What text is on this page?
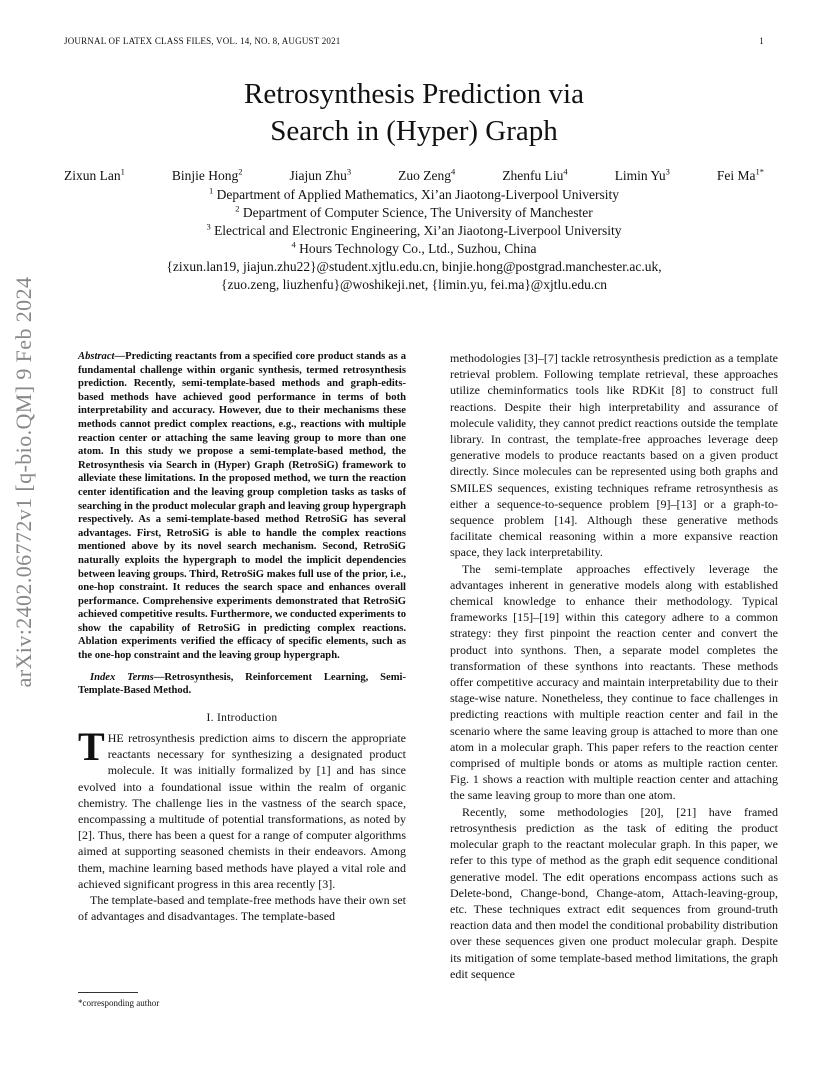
JOURNAL OF LATEX CLASS FILES, VOL. 14, NO. 8, AUGUST 2021	1
arXiv:2402.06772v1 [q-bio.QM] 9 Feb 2024
Retrosynthesis Prediction via
Search in (Hyper) Graph
Zixun Lan$^1$	Binjie Hong$^2$	Jiajun Zhu$^3$	Zuo Zeng$^4$	Zhenfu Liu$^4$	Limin Yu$^3$	Fei $Ma^{1*}$
$^1$ Department of Applied Mathematics, Xi’an Jiaotong-Liverpool University
$^2$ Department of Computer Science, The University of Manchester
$^3$ Electrical and Electronic Engineering, Xi’an Jiaotong-Liverpool University
$^4$ Hours Technology Co., Ltd., Suzhou, China
{zixun.lan19, jiajun.zhu22}@student.xjtlu.edu.cn, binjie.hong@postgrad.manchester.ac.uk,
{zuo.zeng, liuzhenfu}@woshikeji.net, {limin.yu, fei.ma}@xjtlu.edu.cn

Abstract—Predicting reactants from a specified core product stands as a fundamental challenge within organic synthesis, termed retrosynthesis prediction. Recently, semi-template-based methods and graph-edits-based methods have achieved good performance in terms of both interpretability and accuracy. However, due to their mechanisms these methods cannot predict complex reactions, e.g., reactions with multiple reaction center or attaching the same leaving group to more than one atom. In this study we propose a semi-template-based method, the Retrosynthesis via Search in (Hyper) Graph (RetroSiG) framework to alleviate these limitations. In the proposed method, we turn the reaction center identification and the leaving group completion tasks as tasks of searching in the product molecular graph and leaving group hypergraph respectively. As a semi-template-based method RetroSiG has several advantages. First, RetroSiG is able to handle the complex reactions mentioned above by its novel search mechanism. Second, RetroSiG naturally exploits the hypergraph to model the implicit dependencies between leaving groups. Third, RetroSiG makes full use of the prior, i.e., one-hop constraint. It reduces the search space and enhances overall performance. Comprehensive experiments demonstrated that RetroSiG achieved competitive results. Furthermore, we conducted experiments to show the capability of RetroSiG in predicting complex reactions. Ablation experiments verified the efficacy of specific elements, such as the one-hop constraint and the leaving group hypergraph.

Index Terms—Retrosynthesis, Reinforcement Learning, Semi-Template-Based Method.

I. Introduction

THE retrosynthesis prediction aims to discern the appropriate reactants necessary for synthesizing a designated product molecule. It was initially formalized by [1] and has since evolved into a foundational issue within the realm of organic chemistry. The challenge lies in the vastness of the search space, encompassing a multitude of potential transformations, as noted by [2]. Thus, there has been a quest for a range of computer algorithms aimed at supporting seasoned chemists in their endeavors. Among them, machine learning based methods have played a vital role and achieved significant progress in this area recently [3].

The template-based and template-free methods have their own set of advantages and disadvantages. The template-based

*corresponding author

methodologies [3]–[7] tackle retrosynthesis prediction as a template retrieval problem. Following template retrieval, these approaches utilize cheminformatics tools like RDKit [8] to construct full reactions. Despite their high interpretability and assurance of molecule validity, they cannot predict reactions outside the template library. In contrast, the template-free approaches leverage deep generative models to produce reactants based on a given product directly. Since molecules can be represented using both graphs and SMILES sequences, existing techniques reframe retrosynthesis as either a sequence-to-sequence problem [9]–[13] or a graph-to-sequence problem [14]. Although these generative methods facilitate chemical reasoning within a more expansive reaction space, they lack interpretability.

The semi-template approaches effectively leverage the advantages inherent in generative models along with established chemical knowledge to enhance their methodology. Typical frameworks [15]–[19] within this category adhere to a common strategy: they first pinpoint the reaction center and convert the product into synthons. Then, a separate model completes the transformation of these synthons into reactants. These methods offer competitive accuracy and maintain interpretability due to their stage-wise nature. Nonetheless, they continue to face challenges in predicting reactions with multiple reaction center and fail in the scenario where the same leaving group is attached to more than one atom in a molecular graph. This paper refers to the reaction center comprised of multiple bonds or atoms as multiple raction center. Fig. 1 shows a reaction with multiple reaction center and attaching the same leaving group to more than one atom.

Recently, some methodologies [20], [21] have framed retrosynthesis prediction as the task of editing the product molecular graph to the reactant molecular graph. In this paper, we refer to this type of method as the graph edit sequence conditional generative model. The edit operations encompass actions such as Delete-bond, Change-bond, Change-atom, Attach-leaving-group, etc. These techniques extract edit sequences from ground-truth reaction data and then model the conditional probability distribution over these sequences given one product molecular graph. Despite its mitigation of some template-based method limitations, the graph edit sequence
